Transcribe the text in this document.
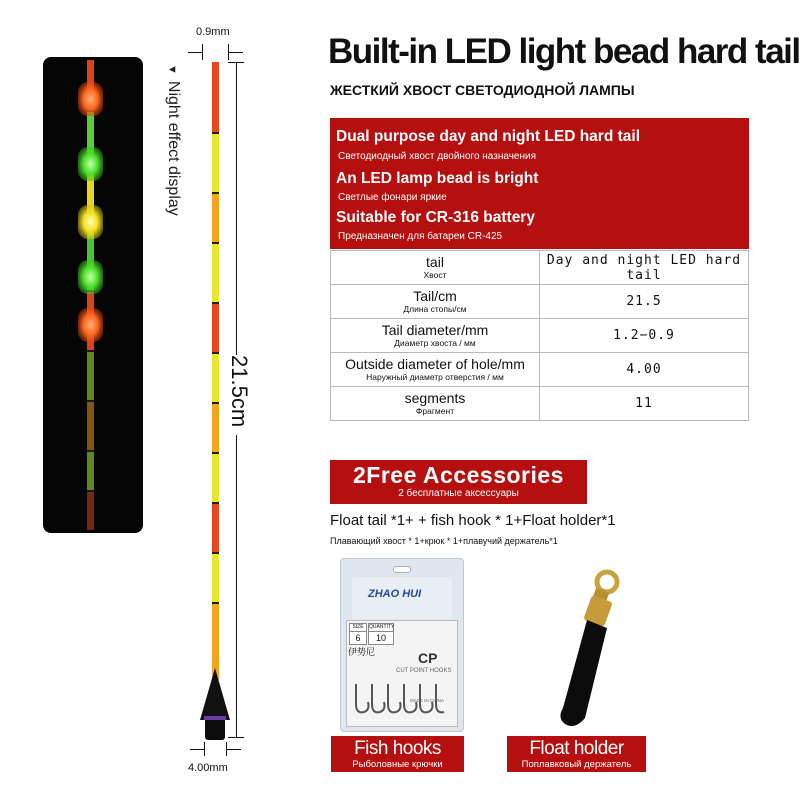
▼Night effect display
0.9mm
21.5cm
4.00mm
Built-in LED light bead hard tail
ЖЕСТКИЙ ХВОСТ СВЕТОДИОДНОЙ ЛАМПЫ
Dual purpose day and night LED hard tail
Светодиодный хвост двойного назначения
An LED lamp bead is bright
Светлые фонари яркие
Suitable for CR-316 battery
Предназначен для батареи CR-425
tail
Хвост	Day and night LED hard tail

Tail/cm
Длина стопы/см	21.5

Tail diameter/mm
Диаметр хвоста / мм	1.2−0.9

Outside diameter of hole/mm
Наружный диаметр отверстия / мм	4.00

segments
Фрагмент	11
2Free Accessories
2 бесплатные аксессуары
Float tail *1+ + fish hook * 1+Float holder*1
Плавающий хвост * 1+крюк * 1+плавучий держатель*1
ZHAO HUI
SIZE	QUANTITY
6	10
伊势尼	CP
CUT POINT HOOKS
MADE IN CHINA
Fish hooks
Рыболовные крючки
Float holder
Поплавковый держатель
